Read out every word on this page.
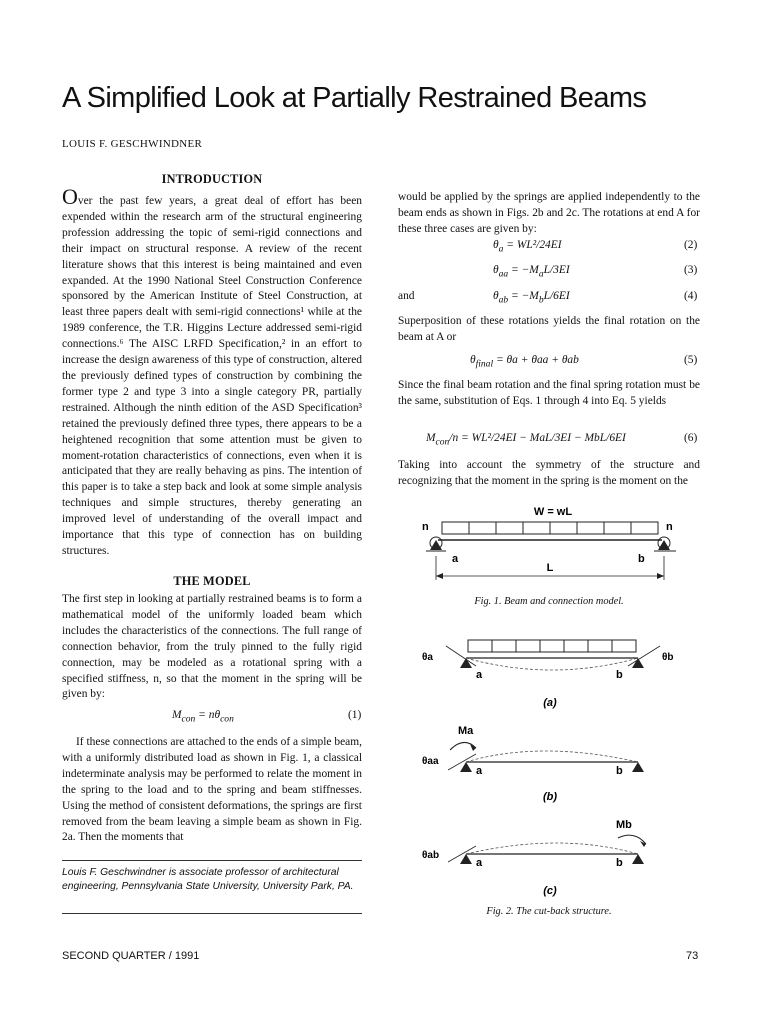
A Simplified Look at Partially Restrained Beams
LOUIS F. GESCHWINDNER
INTRODUCTION

Over the past few years, a great deal of effort has been expended within the research arm of the structural engineering profession addressing the topic of semi-rigid connections and their impact on structural response. A review of the recent literature shows that this interest is being maintained and even expanded. At the 1990 National Steel Construction Conference sponsored by the American Institute of Steel Construction, at least three papers dealt with semi-rigid connections¹ while at the 1989 conference, the T.R. Higgins Lecture addressed semi-rigid connections.⁶ The AISC LRFD Specification,² in an effort to increase the design awareness of this type of construction, altered the previously defined types of construction by combining the former type 2 and type 3 into a single category PR, partially restrained. Although the ninth edition of the ASD Specification³ retained the previously defined three types, there appears to be a heightened recognition that some attention must be given to moment-rotation characteristics of connections, even when it is anticipated that they are really behaving as pins. The intention of this paper is to take a step back and look at some simple analysis techniques and simple structures, thereby generating an improved level of understanding of the overall impact and importance that this type of connection has on building structures.

THE MODEL
The first step in looking at partially restrained beams is to form a mathematical model of the uniformly loaded beam which includes the characteristics of the connections. The full range of connection behavior, from the truly pinned to the fully rigid connection, may be modeled as a rotational spring with a specified stiffness, n, so that the moment in the spring will be given by:
$M_{con} = n\theta_{con}$	(1)
If these connections are attached to the ends of a simple beam, with a uniformly distributed load as shown in Fig. 1, a classical indeterminate analysis may be performed to relate the moment in the spring to the load and to the spring and beam stiffnesses. Using the method of consistent deformations, the springs are first removed from the beam leaving a simple beam as shown in Fig. 2a. Then the moments that
Louis F. Geschwindner is associate professor of architectural engineering, Pennsylvania State University, University Park, PA.
would be applied by the springs are applied independently to the beam ends as shown in Figs. 2b and 2c. The rotations at end A for these three cases are given by:
$\theta_a = WL^2/24EI$	(2)
$\theta_{aa} = -M_aL/3EI$	(3)
and	$\theta_{ab} = -M_bL/6EI$	(4)
Superposition of these rotations yields the final rotation on the beam at A or
$\theta_{final} = \theta a + \theta aa + \theta ab$	(5)
Since the final beam rotation and the final spring rotation must be the same, substitution of Eqs. 1 through 4 into Eq. 5 yields
$M_{con}/n = WL^2/24EI - MaL/3EI - MbL/6EI$	(6)
Taking into account the symmetry of the structure and recognizing that the moment in the spring is the moment on the
W = wL
n	n
a	b
L
Fig. 1. Beam and connection model.
θa	θb
a	b
(a)
Ma
θaa
a	b
(b)
Mb
θab
a	b
(c)
Fig. 2. The cut-back structure.
SECOND QUARTER / 1991	73
